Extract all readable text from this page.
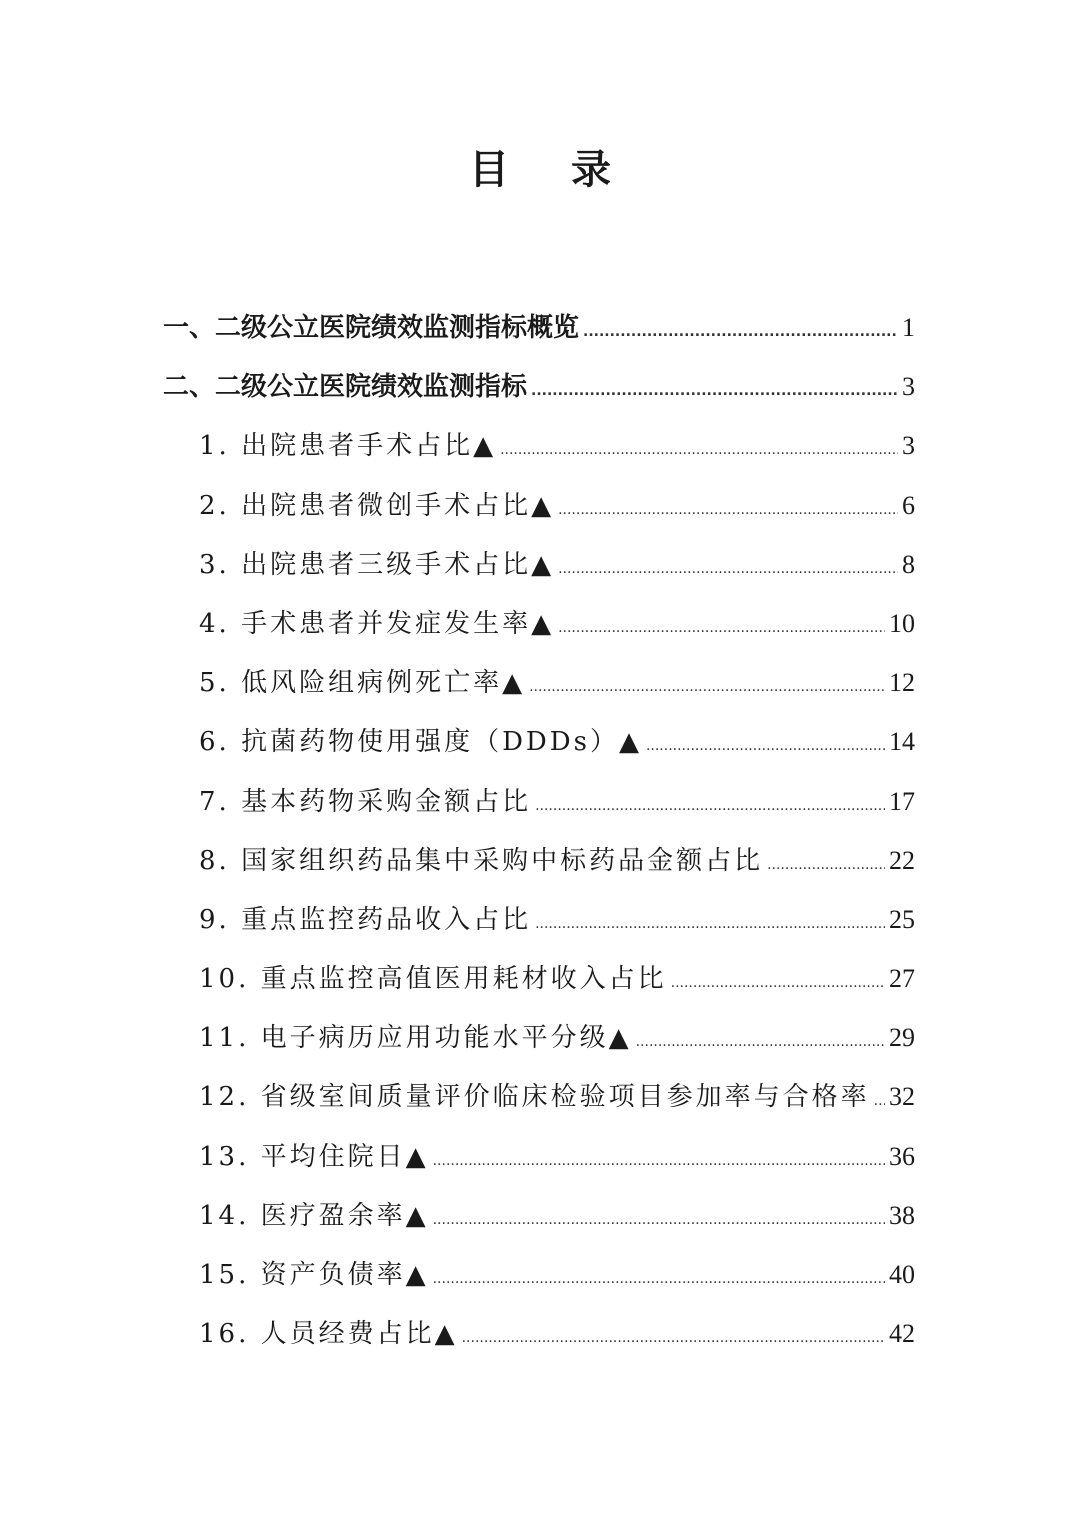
目 录
一、二级公立医院绩效监测指标概览 .....	1
二、二级公立医院绩效监测指标 .....	3
1. 出院患者手术占比▲ .....	3
2. 出院患者微创手术占比▲ .....	6
3. 出院患者三级手术占比▲ .....	8
4. 手术患者并发症发生率▲ .....	10
5. 低风险组病例死亡率▲ .....	12
6. 抗菌药物使用强度（DDDs）▲ .....	14
7. 基本药物采购金额占比 .....	17
8. 国家组织药品集中采购中标药品金额占比 .....	22
9. 重点监控药品收入占比 .....	25
10. 重点监控高值医用耗材收入占比 .....	27
11. 电子病历应用功能水平分级▲ .....	29
12. 省级室间质量评价临床检验项目参加率与合格率 ..... 32
13. 平均住院日▲ .....	36
14. 医疗盈余率▲ .....	38
15. 资产负债率▲ .....	40
16. 人员经费占比▲ .....	42
